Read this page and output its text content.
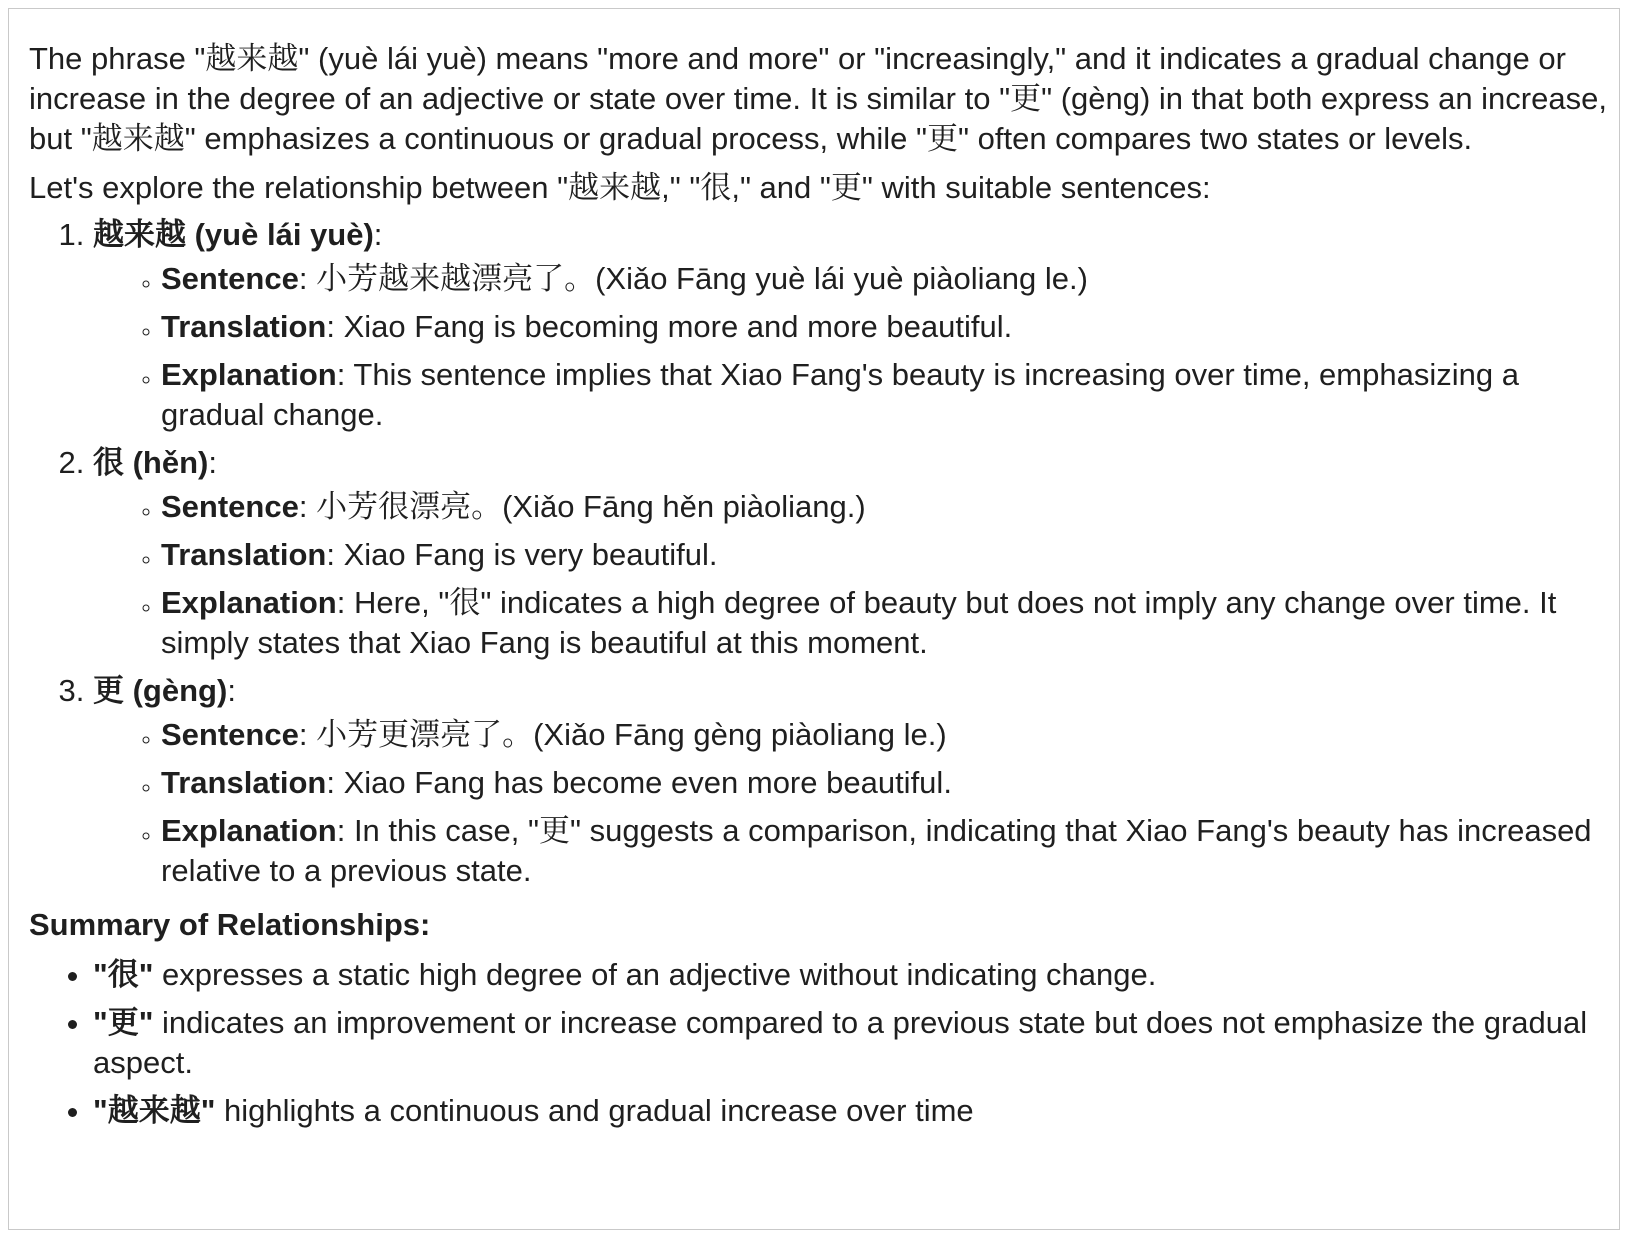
The phrase "越来越" (yuè lái yuè) means "more and more" or "increasingly," and it indicates a gradual change or increase in the degree of an adjective or state over time. It is similar to "更" (gèng) in that both express an increase, but "越来越" emphasizes a continuous or gradual process, while "更" often compares two states or levels.

Let's explore the relationship between "越来越," "很," and "更" with suitable sentences:

1. 越来越 (yuè lái yuè):
◦ Sentence: 小芳越来越漂亮了。(Xiǎo Fāng yuè lái yuè piàoliang le.)
◦ Translation: Xiao Fang is becoming more and more beautiful.
◦ Explanation: This sentence implies that Xiao Fang's beauty is increasing over time, emphasizing a gradual change.
2. 很 (hěn):
◦ Sentence: 小芳很漂亮。(Xiǎo Fāng hěn piàoliang.)
◦ Translation: Xiao Fang is very beautiful.
◦ Explanation: Here, "很" indicates a high degree of beauty but does not imply any change over time. It simply states that Xiao Fang is beautiful at this moment.
3. 更 (gèng):
◦ Sentence: 小芳更漂亮了。(Xiǎo Fāng gèng piàoliang le.)
◦ Translation: Xiao Fang has become even more beautiful.
◦ Explanation: In this case, "更" suggests a comparison, indicating that Xiao Fang's beauty has increased relative to a previous state.

Summary of Relationships:

• "很" expresses a static high degree of an adjective without indicating change.
• "更" indicates an improvement or increase compared to a previous state but does not emphasize the gradual aspect.
• "越来越" highlights a continuous and gradual increase over time
